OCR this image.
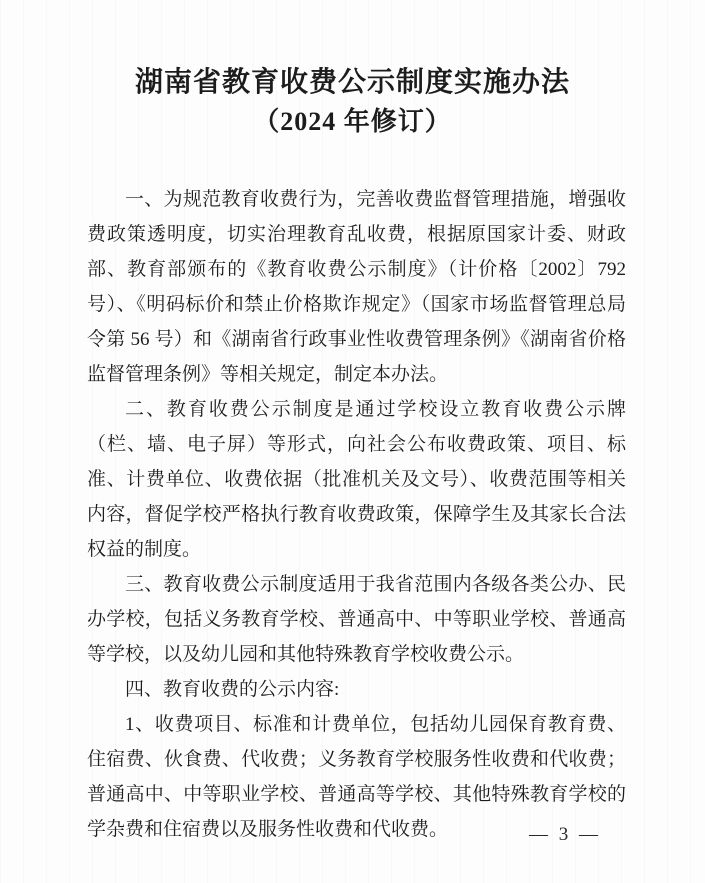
湖南省教育收费公示制度实施办法
（2024 年修订）

一、为规范教育收费行为，完善收费监督管理措施，增强收费政策透明度，切实治理教育乱收费，根据原国家计委、财政部、教育部颁布的《教育收费公示制度》（计价格〔2002〕792 号）、《明码标价和禁止价格欺诈规定》（国家市场监督管理总局令第 56 号）和《湖南省行政事业性收费管理条例》《湖南省价格监督管理条例》等相关规定，制定本办法。

二、教育收费公示制度是通过学校设立教育收费公示牌（栏、墙、电子屏）等形式，向社会公布收费政策、项目、标准、计费单位、收费依据（批准机关及文号）、收费范围等相关内容，督促学校严格执行教育收费政策，保障学生及其家长合法权益的制度。

三、教育收费公示制度适用于我省范围内各级各类公办、民办学校，包括义务教育学校、普通高中、中等职业学校、普通高等学校，以及幼儿园和其他特殊教育学校收费公示。

四、教育收费的公示内容:

1、收费项目、标准和计费单位，包括幼儿园保育教育费、住宿费、伙食费、代收费；义务教育学校服务性收费和代收费；普通高中、中等职业学校、普通高等学校、其他特殊教育学校的学杂费和住宿费以及服务性收费和代收费。	— 3 —
